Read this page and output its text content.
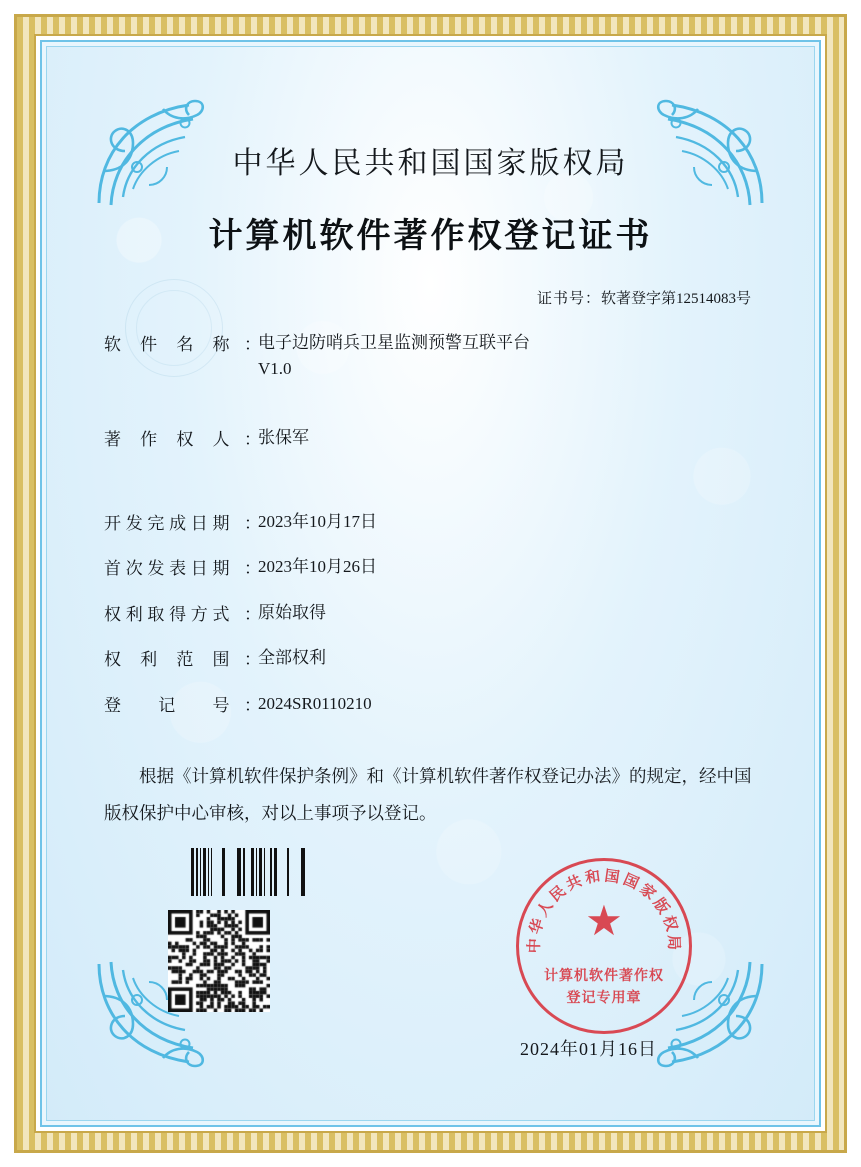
中华人民共和国国家版权局
计算机软件著作权登记证书
证书号：软著登字第12514083号
软件名称 ：
电子边防哨兵卫星监测预警互联平台
V1.0
著作权人 ：
张保军
开发完成日期 ：
2023年10月17日
首次发表日期 ：
2023年10月26日
权利取得方式 ：
原始取得
权利范围 ：
全部权利
登记号 ：
2024SR0110210
根据《计算机软件保护条例》和《计算机软件著作权登记办法》的规定，经中国版权保护中心审核，对以上事项予以登记。
中华人民共和国国家版权局
★
计算机软件著作权
登记专用章
2024年01月16日
